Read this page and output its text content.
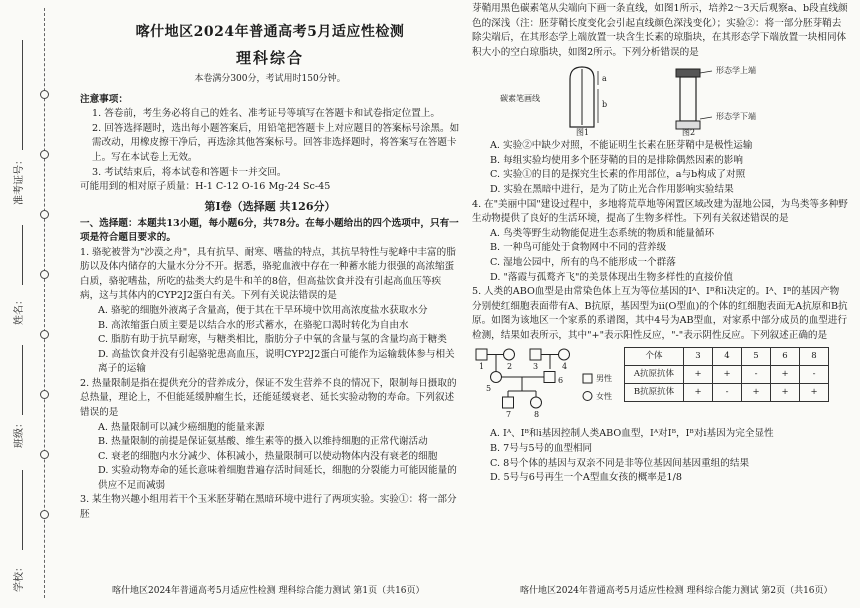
准考证号：
姓名：
班级：
学校：

喀什地区2024年普通高考5月适应性检测

理科综合

本卷满分300分，考试用时150分钟。

注意事项：

1. 答卷前，考生务必将自己的姓名、准考证号等填写在答题卡和试卷指定位置上。

2. 回答选择题时，选出每小题答案后，用铅笔把答题卡上对应题目的答案标号涂黑。如需改动，用橡皮擦干净后，再选涂其他答案标号。回答非选择题时，将答案写在答题卡上。写在本试卷上无效。

3. 考试结束后，将本试卷和答题卡一并交回。

可能用到的相对原子质量：H-1 C-12 O-16 Mg-24 Sc-45

第Ⅰ卷（选择题 共126分）

一、选择题：本题共13小题，每小题6分，共78分。在每小题给出的四个选项中，只有一项是符合题目要求的。

1. 骆驼被誉为"沙漠之舟"，具有抗旱、耐寒、嗜盐的特点，其抗旱特性与驼峰中丰富的脂肪以及体内储存的大量水分分不开。据悉，骆驼血液中存在一种蓄水能力很强的高浓缩蛋白质，骆驼嗜盐，所吃的盐类大约是牛和羊的8倍，但高盐饮食并没有引起高血压等疾病，这与其体内的CYP2J2蛋白有关。下列有关说法错误的是

A. 骆驼的细胞外液离子含量高，便于其在干旱环境中饮用高浓度盐水获取水分

B. 高浓缩蛋白质主要是以结合水的形式蓄水，在骆驼口渴时转化为自由水

C. 脂肪有助于抗旱耐寒，与糖类相比，脂肪分子中氧的含量与氢的含量均高于糖类

D. 高盐饮食并没有引起骆驼患高血压，说明CYP2J2蛋白可能作为运输载体参与相关离子的运输

2. 热量限制是指在提供充分的营养成分，保证不发生营养不良的情况下，限制每日摄取的总热量，理论上，不但能延缓肿瘤生长，还能延缓衰老、延长实验动物的寿命。下列叙述错误的是

A. 热量限制可以减少癌细胞的能量来源

B. 热量限制的前提是保证氨基酸、维生素等的摄入以维持细胞的正常代谢活动

C. 衰老的细胞内水分减少、体积减小，热量限制可以使动物体内没有衰老的细胞

D. 实验动物寿命的延长意味着细胞普遍存活时间延长，细胞的分裂能力可能因能量的供应不足而减弱

3. 某生物兴趣小组用若干个玉米胚芽鞘在黑暗环境中进行了两项实验。实验①：将一部分胚

喀什地区2024年普通高考5月适应性检测 理科综合能力测试 第1页（共16页）

芽鞘用黑色碳素笔从尖端向下画一条直线，如图1所示，培养2～3天后观察a、b段直线颜色的深浅（注：胚芽鞘长度变化会引起直线颜色深浅变化）；实验②：将一部分胚芽鞘去除尖端后，在其形态学上端放置一块含生长素的琼脂块，在其形态学下端放置一块相同体积大小的空白琼脂块，如图2所示。下列分析错误的是

a
b
碳素笔画线
图1
形态学上端
形态学下端
图2

A. 实验②中缺少对照，不能证明生长素在胚芽鞘中是极性运输

B. 每组实验均使用多个胚芽鞘的目的是排除偶然因素的影响

C. 实验①的目的是探究生长素的作用部位，a与b构成了对照

D. 实验在黑暗中进行，是为了防止光合作用影响实验结果

4. 在"美丽中国"建设过程中，多地将荒草地等闲置区域改建为湿地公园，为鸟类等多种野生动物提供了良好的生活环境，提高了生物多样性。下列有关叙述错误的是

A. 鸟类等野生动物能促进生态系统的物质和能量循环

B. 一种鸟可能处于食物网中不同的营养级

C. 湿地公园中，所有的鸟不能形成一个群落

D. "落霞与孤鹜齐飞"的美景体现出生物多样性的直接价值

5. 人类的ABO血型是由常染色体上互为等位基因的Iᴬ、Iᴮ和i决定的。Iᴬ、Iᴮ的基因产物分别使红细胞表面带有A、B抗原，基因型为ii(O型血)的个体的红细胞表面无A抗原和B抗原。如图为该地区一个家系的系谱图，其中4号为AB型血，对家系中部分成员的血型进行检测，结果如表所示，其中"+"表示阳性反应，"-"表示阴性反应。下列叙述正确的是

1	2	3	4
5
6
7	8
男性
女性
个体	3	4	5	6	8
A抗原抗体	+	+	-	+	-
B抗原抗体	+	-	+	+	+

A. Iᴬ、Iᴮ和i基因控制人类ABO血型，Iᴬ对Iᴮ，Iᴮ对i基因为完全显性

B. 7号与5号的血型相同

C. 8号个体的基因与双亲不同是非等位基因间基因重组的结果

D. 5号与6号再生一个A型血女孩的概率是1/8

喀什地区2024年普通高考5月适应性检测 理科综合能力测试 第2页（共16页）
